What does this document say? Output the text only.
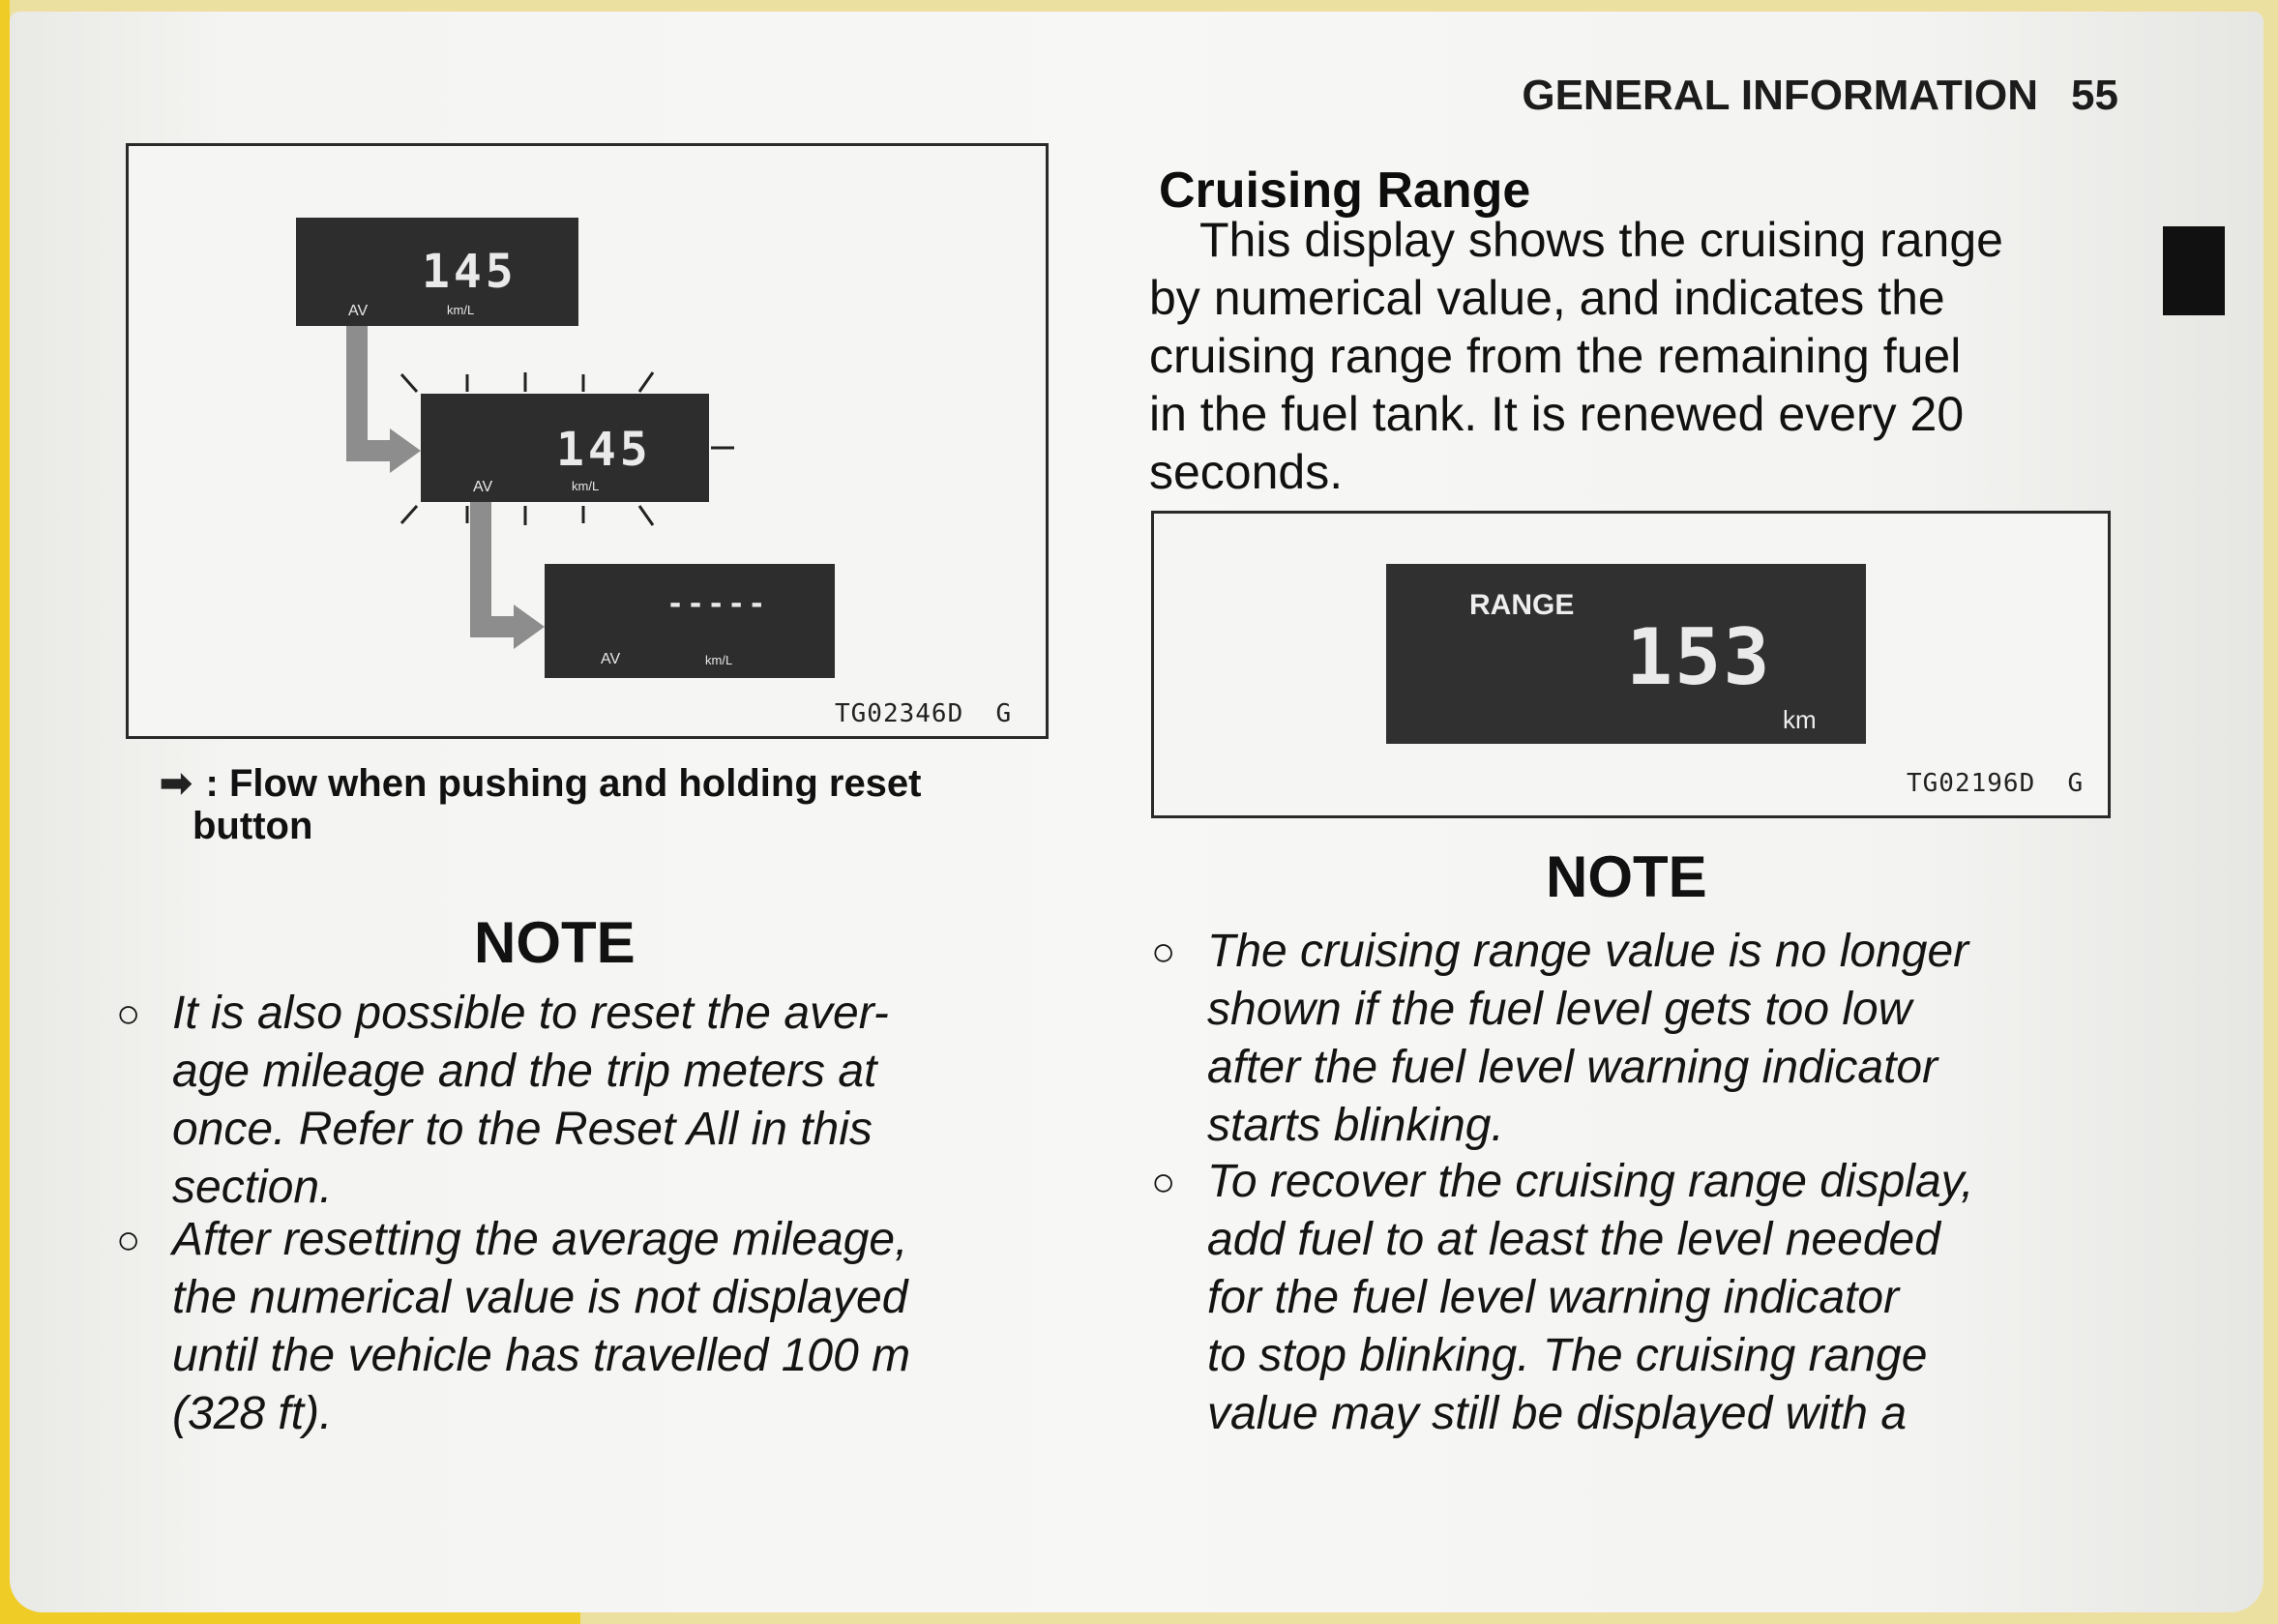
GENERAL INFORMATION 55
145
AV	km/L
145
AV	km/L
-----
AV	km/L
TG02346D G
➡ : Flow when pushing and holding reset
button
NOTE
○ It is also possible to reset the aver-
age mileage and the trip meters at
once. Refer to the Reset All in this
section.
○ After resetting the average mileage,
the numerical value is not displayed
until the vehicle has travelled 100 m
(328 ft).
Cruising Range
This display shows the cruising range
by numerical value, and indicates the
cruising range from the remaining fuel
in the fuel tank. It is renewed every 20
seconds.
RANGE
153
km
TG02196D G
NOTE
○ The cruising range value is no longer
shown if the fuel level gets too low
after the fuel level warning indicator
starts blinking.
○ To recover the cruising range display,
add fuel to at least the level needed
for the fuel level warning indicator
to stop blinking. The cruising range
value may still be displayed with a
